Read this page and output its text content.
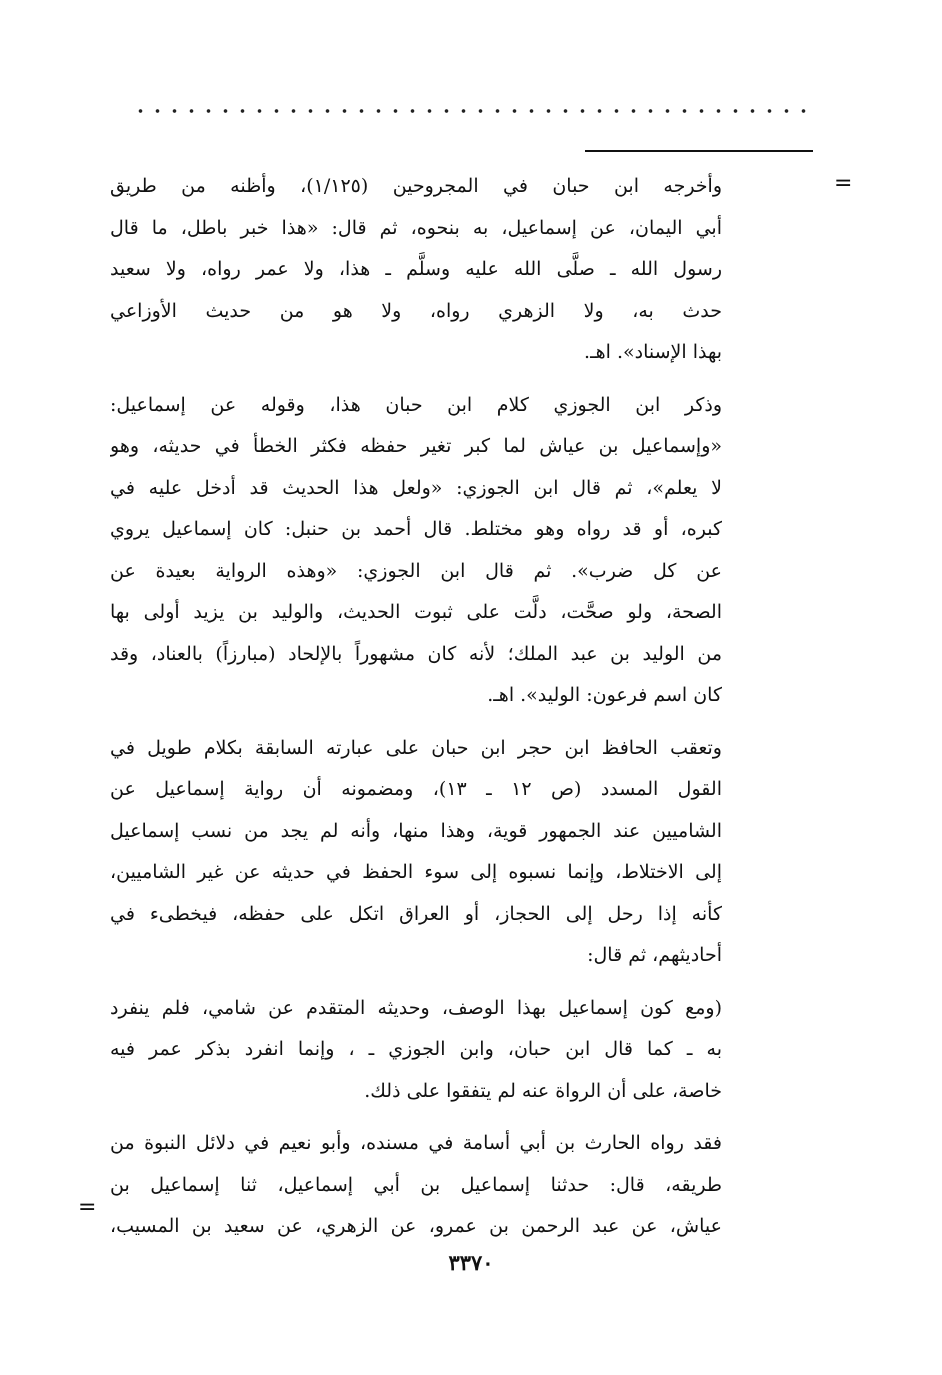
=

وأخرجه ابن حبان في المجروحين (١/١٢٥)، وأظنه من طريق
أبي اليمان، عن إسماعيل، به بنحوه، ثم قال: «هذا خبر باطل، ما قال
رسول الله ـ صلَّى الله عليه وسلَّم ـ هذا، ولا عمر رواه، ولا سعيد
حدث به، ولا الزهري رواه، ولا هو من حديث الأوزاعي
بهذا الإسناد». اهـ.

وذكر ابن الجوزي كلام ابن حبان هذا، وقوله عن إسماعيل:
«وإسماعيل بن عياش لما كبر تغير حفظه فكثر الخطأ في حديثه، وهو
لا يعلم»، ثم قال ابن الجوزي: «ولعل هذا الحديث قد أدخل عليه في
كبره، أو قد رواه وهو مختلط. قال أحمد بن حنبل: كان إسماعيل يروي
عن كل ضرب». ثم قال ابن الجوزي: «وهذه الرواية بعيدة عن
الصحة، ولو صحَّت، دلَّت على ثبوت الحديث، والوليد بن يزيد أولى بها
من الوليد بن عبد الملك؛ لأنه كان مشهوراً بالإلحاد (مبارزاً) بالعناد، وقد
كان اسم فرعون: الوليد». اهـ.

وتعقب الحافظ ابن حجر ابن حبان على عبارته السابقة بكلام طويل في
القول المسدد (ص ١٢ ـ ١٣)، ومضمونه أن رواية إسماعيل عن
الشاميين عند الجمهور قوية، وهذا منها، وأنه لم يجد من نسب إسماعيل
إلى الاختلاط، وإنما نسبوه إلى سوء الحفظ في حديثه عن غير الشاميين،
كأنه إذا رحل إلى الحجاز، أو العراق اتكل على حفظه، فيخطىء في
أحاديثهم، ثم قال:

(ومع كون إسماعيل بهذا الوصف، وحديثه المتقدم عن شامي، فلم ينفرد
به ـ كما قال ابن حبان، وابن الجوزي ـ ، وإنما انفرد بذكر عمر فيه
خاصة، على أن الرواة عنه لم يتفقوا على ذلك.

فقد رواه الحارث بن أبي أسامة في مسنده، وأبو نعيم في دلائل النبوة من
طريقه، قال: حدثنا إسماعيل بن أبي إسماعيل، ثنا إسماعيل بن
عياش، عن عبد الرحمن بن عمرو، عن الزهري، عن سعيد بن المسيب،

=
٣٣٧٠
